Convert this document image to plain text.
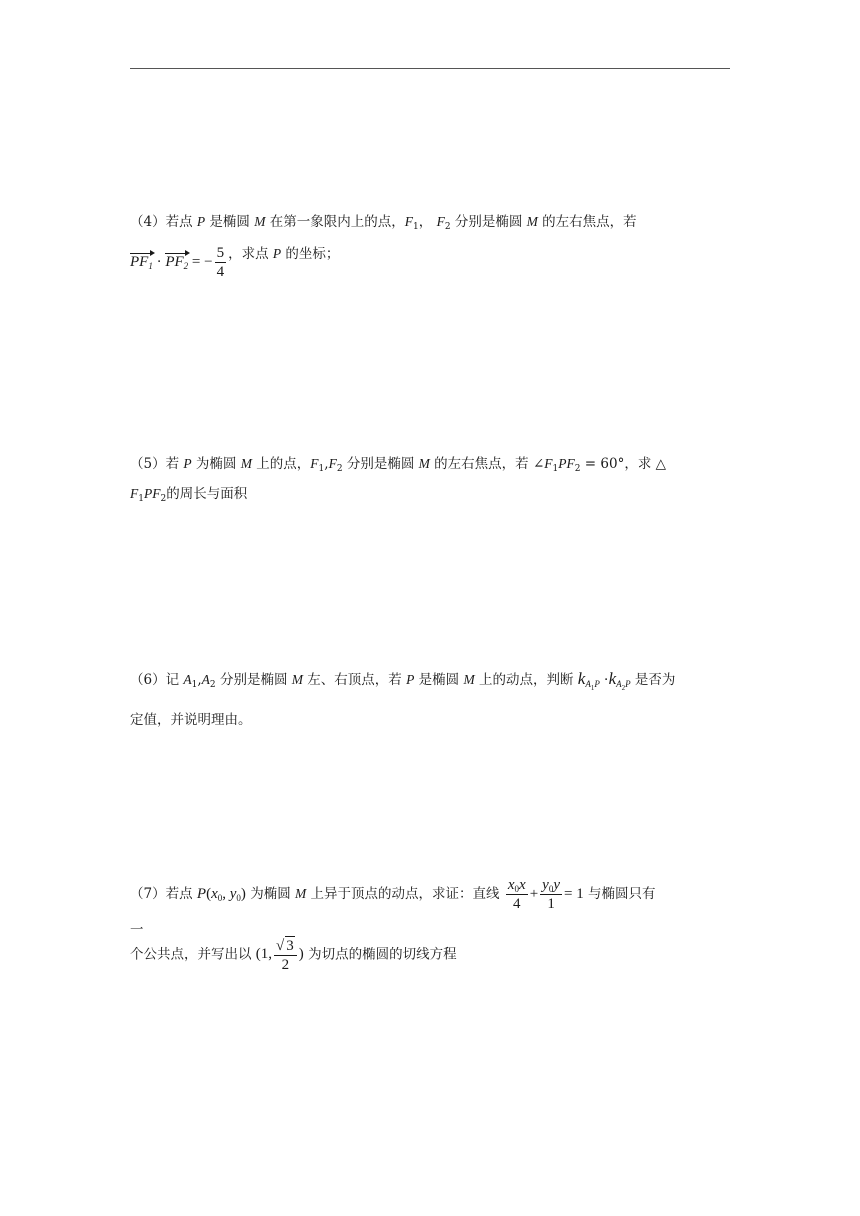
（4）若点 P 是椭圆 M 在第一象限内上的点，$F_1$， $F_2$ 分别是椭圆 M 的左右焦点，若
$PF_1 \cdot PF_2$ = − $\frac{5}{4}$ ，求点 P 的坐标；
（5）若 P 为椭圆 M 上的点，$F_1,F_2$ 分别是椭圆 M 的左右焦点，若 $\angle F_1PF_2 = 60^\circ$，求 △
$F_1PF_2$的周长与面积
（6）记 $A_1,A_2$ 分别是椭圆 M 左、右顶点，若 P 是椭圆 M 上的动点，判断 $k_{A_1P} \cdot k_{A_2P}$ 是否为
定值，并说明理由。
（7）若点 $P(x_0$, $y_0$) 为椭圆 M 上异于顶点的动点，求证：直线 $\frac{x_0x}{4} + \frac{y_0y}{1} = 1$ 与椭圆只有
一
个公共点，并写出以 (1, $\frac{√ 3}{2}$ ) 为切点的椭圆的切线方程
